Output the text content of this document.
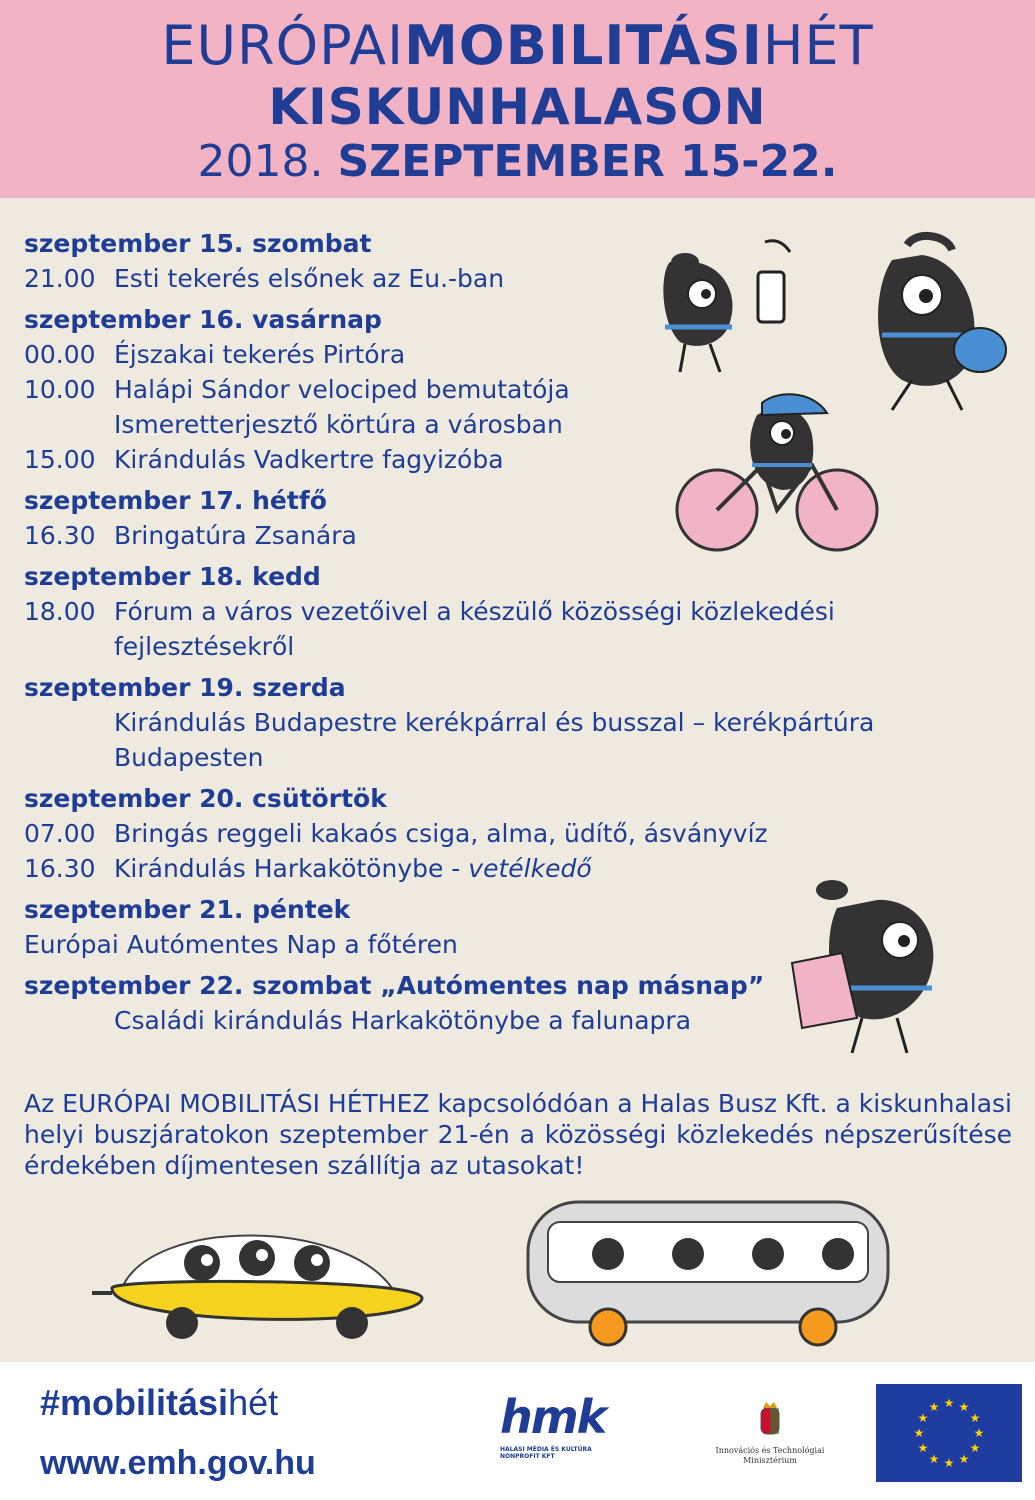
EURÓPAIMOBILITÁSIHÉT
KISKUNHALASON
2018. SZEPTEMBER 15-22.
szeptember 15. szombat
21.00 Esti tekerés elsőnek az Eu.-ban
szeptember 16. vasárnap
00.00 Éjszakai tekerés Pirtóra
10.00 Halápi Sándor velociped bemutatója
Ismeretterjesztő körtúra a városban
15.00 Kirándulás Vadkertre fagyizóba
szeptember 17. hétfő
16.30 Bringatúra Zsanára
szeptember 18. kedd
18.00 Fórum a város vezetőivel a készülő közösségi közlekedési
fejlesztésekről
szeptember 19. szerda
Kirándulás Budapestre kerékpárral és busszal – kerékpártúra
Budapesten
szeptember 20. csütörtök
07.00 Bringás reggeli kakaós csiga, alma, üdítő, ásványvíz
16.30 Kirándulás Harkakötönybe - vetélkedő
szeptember 21. péntek
Európai Autómentes Nap a főtéren
szeptember 22. szombat „Autómentes nap másnap”
Családi kirándulás Harkakötönybe a falunapra
Az EURÓPAI MOBILITÁSI HÉTHEZ kapcsolódóan a Halas Busz Kft. a kiskunhalasi helyi buszjáratokon szeptember 21-én a közösségi közlekedés népszerűsítése érdekében díjmentesen szállítja az utasokat!
#mobilitásihét
www.emh.gov.hu
hmk
HALASI MÉDIA ÉS KULTÚRA NONPROFIT KFT
Innovációs és Technológiai
Minisztérium
★ ★
★
★
★
★
★
★
★
★
★
★
